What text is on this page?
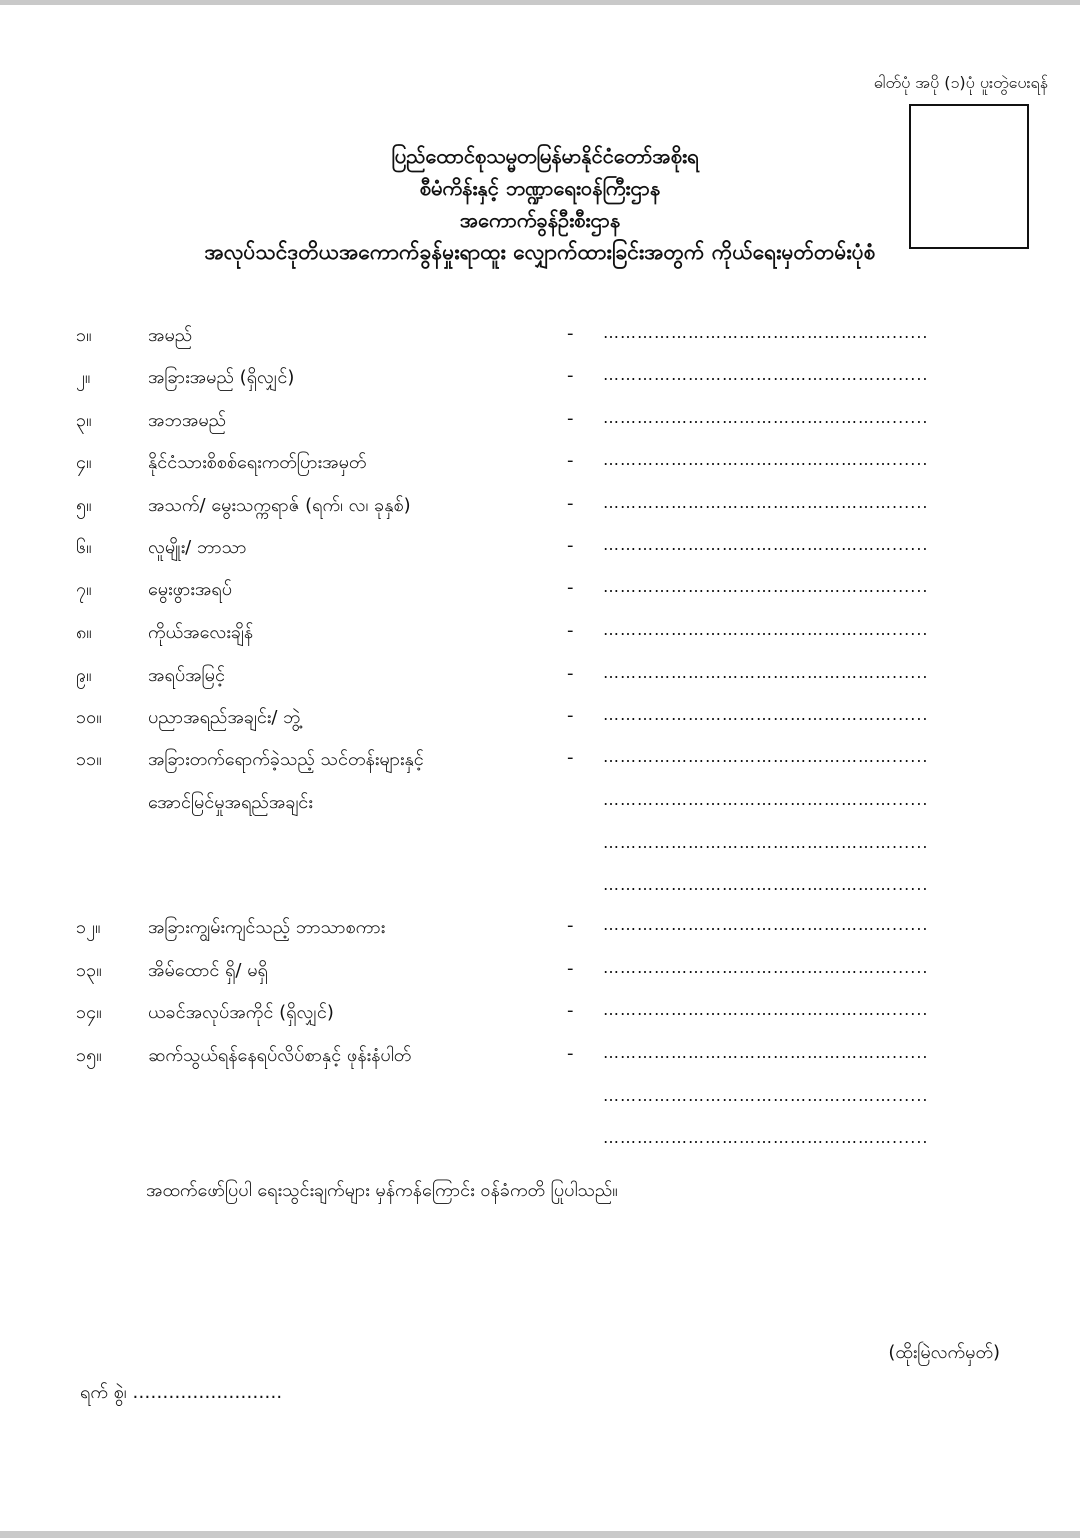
ဓါတ်ပုံ အပို (၁)ပုံ ပူးတွဲပေးရန်
ပြည်ထောင်စုသမ္မတမြန်မာနိုင်ငံတော်အစိုးရ
စီမံကိန်းနှင့် ဘဏ္ဍာရေးဝန်ကြီးဌာန
အကောက်ခွန်ဦးစီးဌာန
အလုပ်သင်ဒုတိယအကောက်ခွန်မှုးရာထူး လျှောက်ထားခြင်းအတွက် ကိုယ်ရေးမှတ်တမ်းပုံစံ
၁။	အမည်	- ……………………………………………......
၂။	အခြားအမည် (ရှိလျှင်)	- ……………………………………………......
၃။	အဘအမည်	- ……………………………………………......
၄။	နိုင်ငံသားစိစစ်ရေးကတ်ပြားအမှတ်	- ……………………………………………......
၅။	အသက်/ မွေးသက္ကရာဇ် (ရက်၊ လ၊ ခုနှစ်)	- ……………………………………………......
၆။	လူမျိုး/ ဘာသာ	- ……………………………………………......
၇။	မွေးဖွားအရပ်	- ……………………………………………......
၈။	ကိုယ်အလေးချိန်	- ……………………………………………......
၉။	အရပ်အမြင့်	- ……………………………………………......
၁၀။	ပညာအရည်အချင်း/ ဘွဲ့	- ……………………………………………......
၁၁။	အခြားတက်ရောက်ခဲ့သည့် သင်တန်းများနှင့်	- ……………………………………………......
အောင်မြင်မှုအရည်အချင်း	……………………………………………......
……………………………………………......
……………………………………………......
၁၂။	အခြားကျွမ်းကျင်သည့် ဘာသာစကား	- ……………………………………………......
၁၃။	အိမ်ထောင် ရှိ/ မရှိ	- ……………………………………………......
၁၄။	ယခင်အလုပ်အကိုင် (ရှိလျှင်)	- ……………………………………………......
၁၅။	ဆက်သွယ်ရန်နေရပ်လိပ်စာနှင့် ဖုန်းနံပါတ်	- ……………………………………………......
……………………………………………......
……………………………………………......
အထက်ဖော်ပြပါ ရေးသွင်းချက်များ မှန်ကန်ကြောင်း ဝန်ခံကတိ ပြုပါသည်။
(ထိုးမြဲလက်မှတ်)
ရက် စွဲ၊ …………………….
